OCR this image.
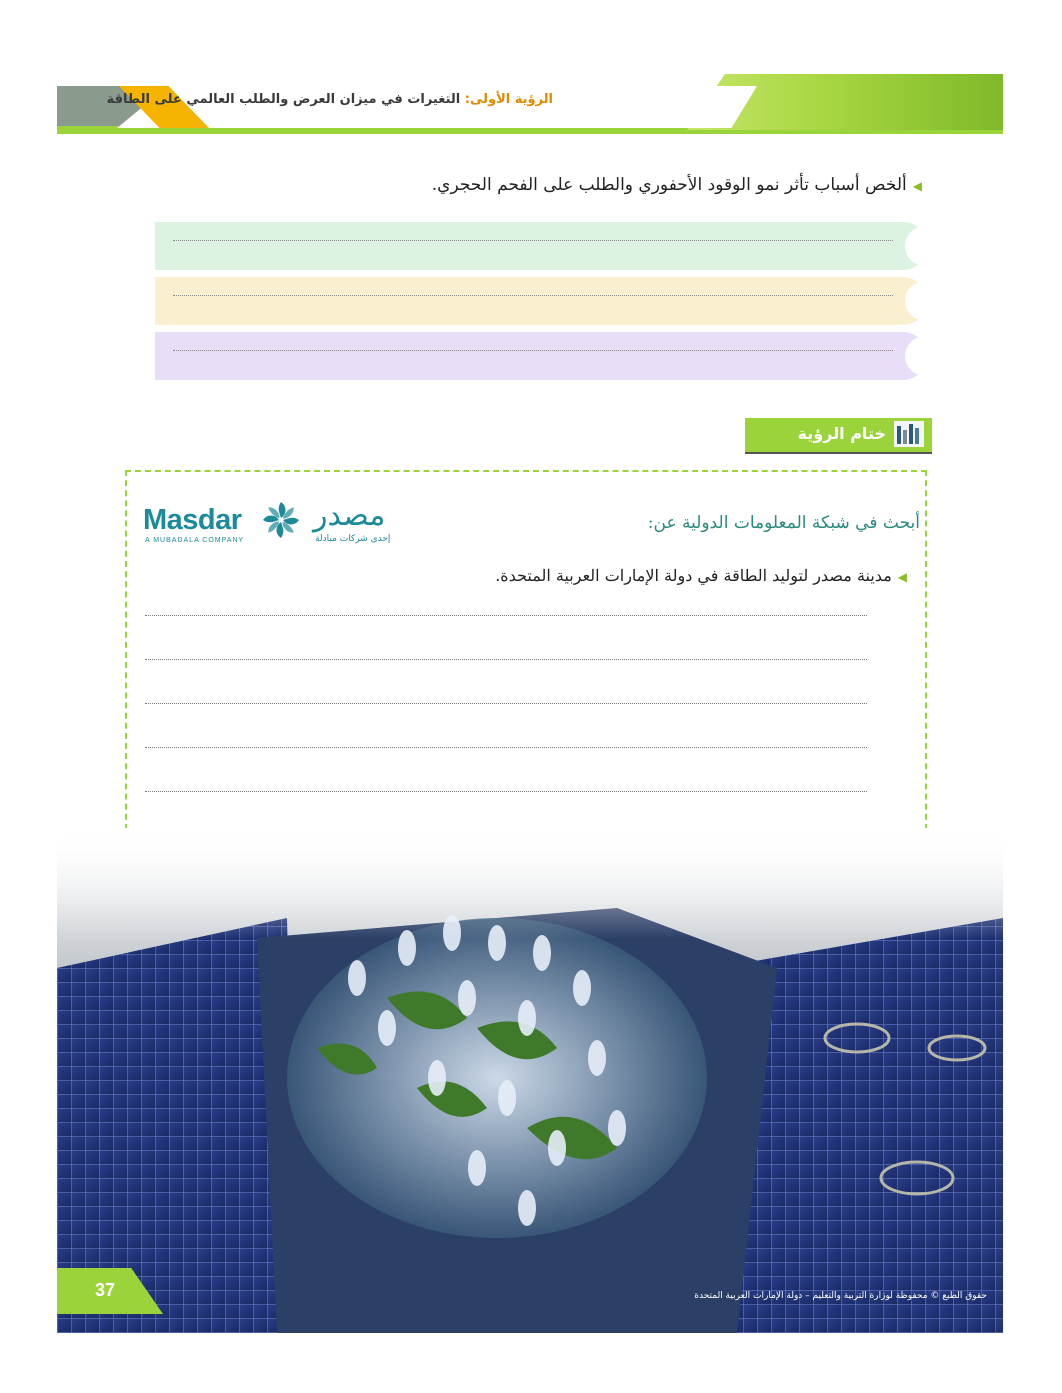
الرؤية الأولى: التغيرات في ميزان العرض والطلب العالمي على الطاقة
◀ألخص أسباب تأثر نمو الوقود الأحفوري والطلب على الفحم الحجري.
ختام الرؤية
Masdar
A MUBADALA COMPANY
مصدر
إحدى شركات مبادلة
أبحث في شبكة المعلومات الدولية عن:
◀مدينة مصدر لتوليد الطاقة في دولة الإمارات العربية المتحدة.
37	حقوق الطبع © محفوظة لوزارة التربية والتعليم – دولة الإمارات العربية المتحدة
